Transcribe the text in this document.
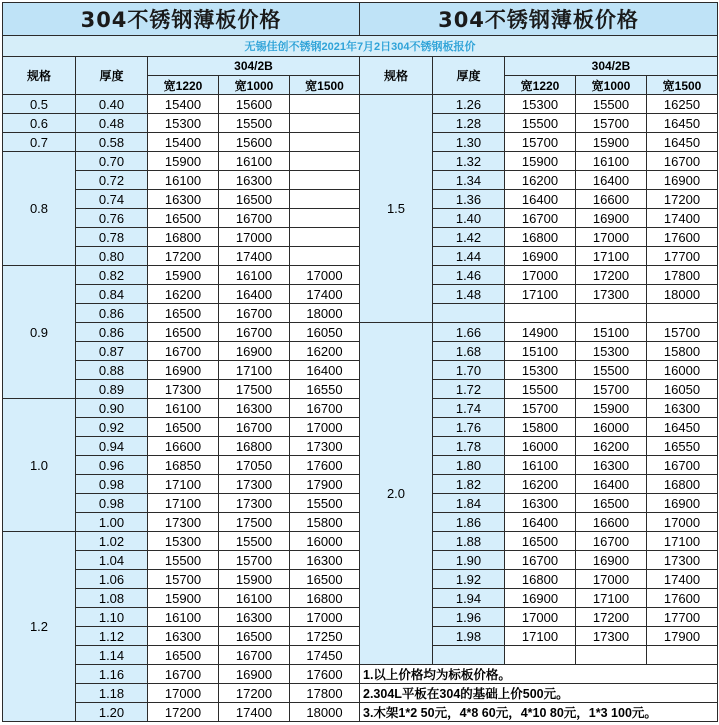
304不锈钢薄板价格					304不锈钢薄板价格				
无锡佳创不锈钢2021年7月2日304不锈钢板报价									
规格	厚度	304/2B			规格	厚度	304/2B		
		宽1220	宽1000	宽1500			宽1220	宽1000	宽1500
0.5	0.40	15400	15600		1.5	1.26	15300	15500	16250
0.6	0.48	15300	15500			1.28	15500	15700	16450
0.7	0.58	15400	15600			1.30	15700	15900	16450
0.8	0.70	15900	16100			1.32	15900	16100	16700
	0.72	16100	16300			1.34	16200	16400	16900
	0.74	16300	16500			1.36	16400	16600	17200
	0.76	16500	16700			1.40	16700	16900	17400
	0.78	16800	17000			1.42	16800	17000	17600
	0.80	17200	17400			1.44	16900	17100	17700
0.9	0.82	15900	16100	17000		1.46	17000	17200	17800
	0.84	16200	16400	17400		1.48	17100	17300	18000
	0.86	16500	16700	18000					
	0.86	16500	16700	16050	2.0	1.66	14900	15100	15700
	0.87	16700	16900	16200		1.68	15100	15300	15800
	0.88	16900	17100	16400		1.70	15300	15500	16000
	0.89	17300	17500	16550		1.72	15500	15700	16050
1.0	0.90	16100	16300	16700		1.74	15700	15900	16300
	0.92	16500	16700	17000		1.76	15800	16000	16450
	0.94	16600	16800	17300		1.78	16000	16200	16550
	0.96	16850	17050	17600		1.80	16100	16300	16700
	0.98	17100	17300	17900		1.82	16200	16400	16800
	0.98	17100	17300	15500		1.84	16300	16500	16900
	1.00	17300	17500	15800		1.86	16400	16600	17000
1.2	1.02	15300	15500	16000		1.88	16500	16700	17100
	1.04	15500	15700	16300		1.90	16700	16900	17300
	1.06	15700	15900	16500		1.92	16800	17000	17400
	1.08	15900	16100	16800		1.94	16900	17100	17600
	1.10	16100	16300	17000		1.96	17000	17200	17700
	1.12	16300	16500	17250		1.98	17100	17300	17900
	1.14	16500	16700	17450					
	1.16	16700	16900	17600	1.以上价格均为标板价格。				
	1.18	17000	17200	17800	2.304L平板在304的基础上价500元。				
	1.20	17200	17400	18000	3.木架1*2 50元，4*8 60元，4*10 80元，1*3 100元。				
